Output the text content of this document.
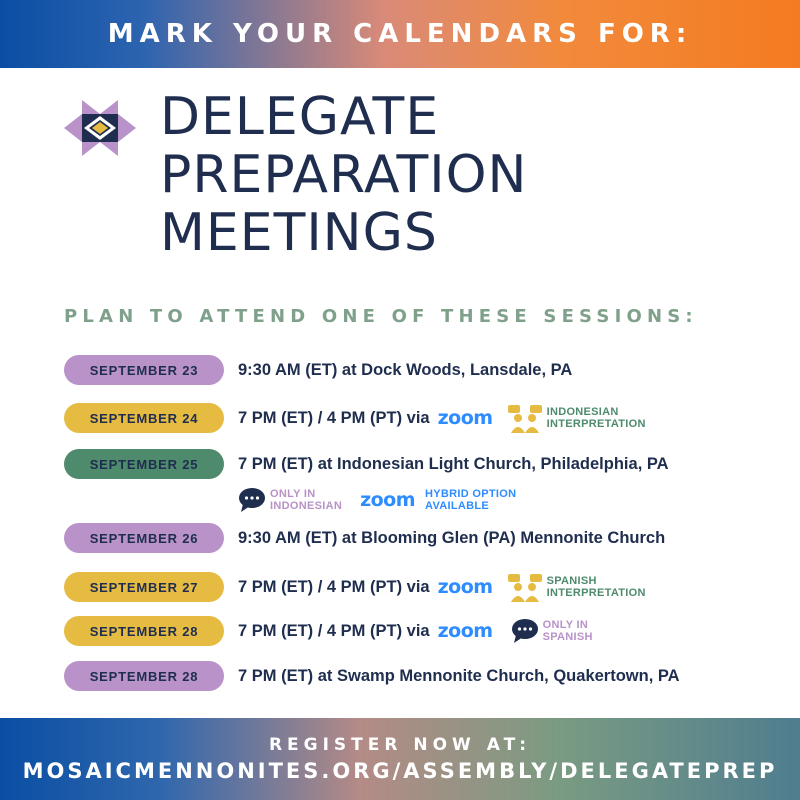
MARK YOUR CALENDARS FOR:
DELEGATE
PREPARATION
MEETINGS
PLAN TO ATTEND ONE OF THESE SESSIONS:
SEPTEMBER 23	9:30 AM (ET) at Dock Woods, Lansdale, PA
SEPTEMBER 24	7 PM (ET) / 4 PM (PT) via zoom	INDONESIAN
INTERPRETATION
SEPTEMBER 25	7 PM (ET) at Indonesian Light Church, Philadelphia, PA
ONLY IN
INDONESIAN zoom HYBRID OPTION
AVAILABLE
SEPTEMBER 26	9:30 AM (ET) at Blooming Glen (PA) Mennonite Church
SEPTEMBER 27	7 PM (ET) / 4 PM (PT) via zoom	SPANISH
INTERPRETATION
SEPTEMBER 28	7 PM (ET) / 4 PM (PT) via zoom	ONLY IN
SPANISH
SEPTEMBER 28	7 PM (ET) at Swamp Mennonite Church, Quakertown, PA
REGISTER NOW AT:
MOSAICMENNONITES.ORG/ASSEMBLY/DELEGATEPREP
